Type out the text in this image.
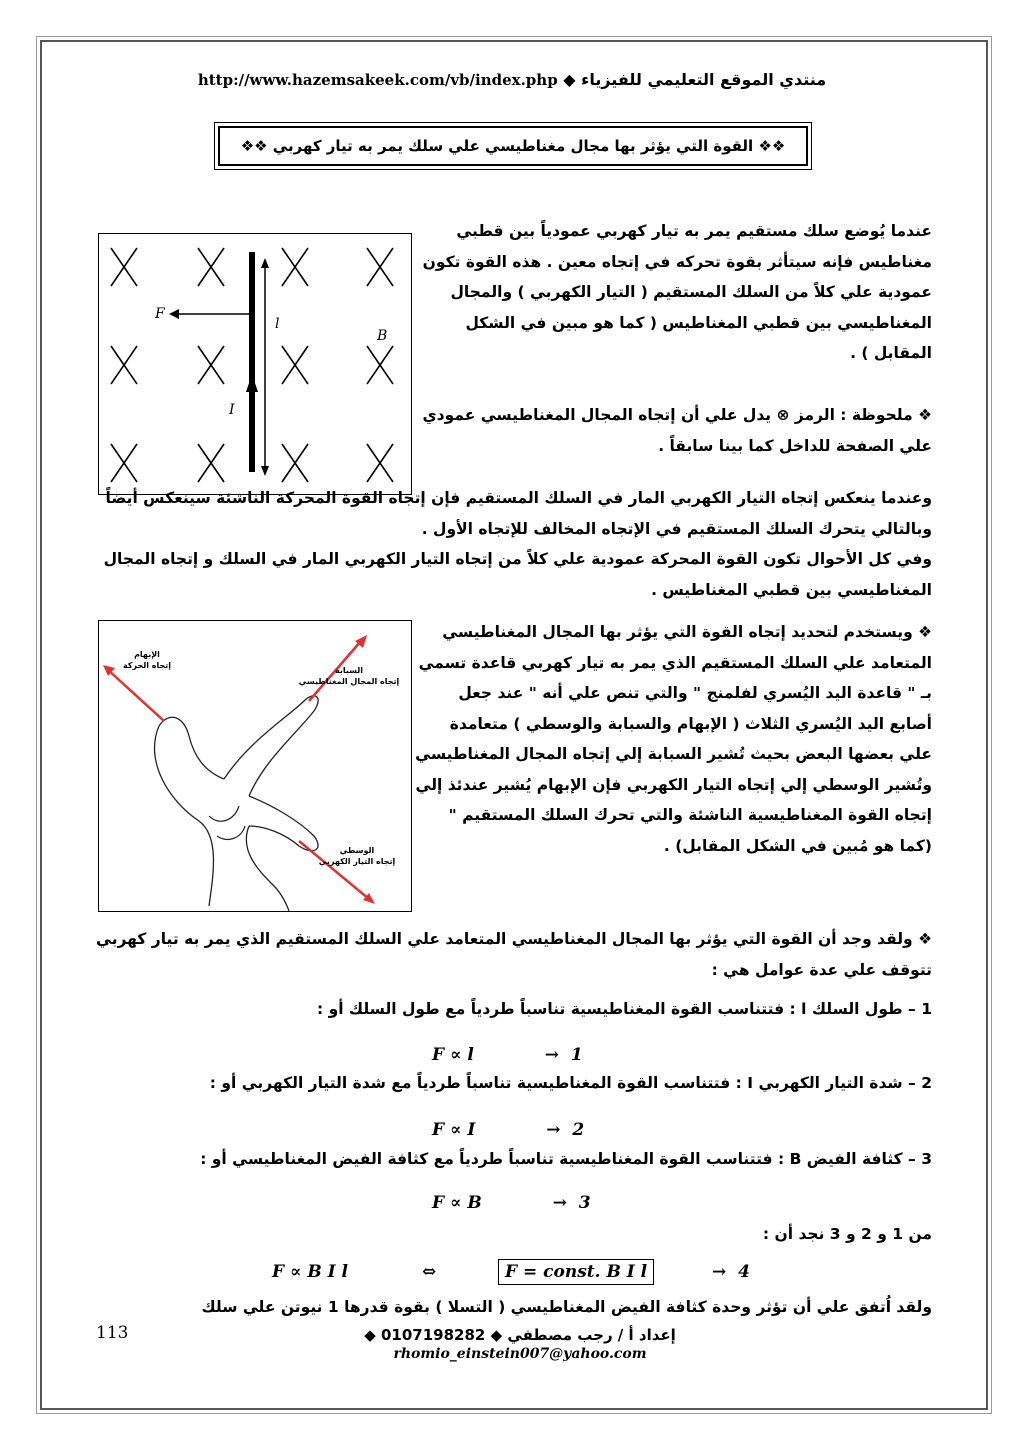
منتدي الموقع التعليمي للفيزياء ◆ http://www.hazemsakeek.com/vb/index.php
❖❖ القوة التي يؤثر بها مجال مغناطيسي علي سلك يمر به تيار كهربي ❖❖
F
l
B
I
عندما يُوضع سلك مستقيم يمر به تيار كهربي عمودياً بين قطبي مغناطيس فإنه سيتأثر بقوة تحركه في إتجاه معين . هذه القوة تكون عمودية علي كلاً من السلك المستقيم ( التيار الكهربي ) والمجال المغناطيسي بين قطبي المغناطيس ( كما هو مبين في الشكل المقابل ) .
❖ ملحوظة : الرمز ⊗ يدل علي أن إتجاه المجال المغناطيسي عمودي علي الصفحة للداخل كما بينا سابقاً .
وعندما ينعكس إتجاه التيار الكهربي المار في السلك المستقيم فإن إتجاه القوة المحركة الناشئة سينعكس أيضاً وبالتالي يتحرك السلك المستقيم في الإتجاه المخالف للإتجاه الأول .
وفي كل الأحوال تكون القوة المحركة عمودية علي كلاً من إتجاه التيار الكهربي المار في السلك و إتجاه المجال المغناطيسي بين قطبي المغناطيس .
الإبهام
إتجاه الحركة
السبابة
إتجاه المجال المغناطيسي
الوسطي
إتجاه التيار الكهربي
❖ ويستخدم لتحديد إتجاه القوة التي يؤثر بها المجال المغناطيسي المتعامد علي السلك المستقيم الذي يمر به تيار كهربي قاعدة تسمي بـ " قاعدة اليد اليُسري لفلمنج " والتي تنص علي أنه " عند جعل أصابع اليد اليُسري الثلاث ( الإبهام والسبابة والوسطي ) متعامدة علي بعضها البعض بحيث تُشير السبابة إلي إتجاه المجال المغناطيسي وتُشير الوسطي إلي إتجاه التيار الكهربي فإن الإبهام يُشير عندئذ إلي إتجاه القوة المغناطيسية الناشئة والتي تحرك السلك المستقيم " (كما هو مُبين في الشكل المقابل) .
❖ ولقد وجد أن القوة التي يؤثر بها المجال المغناطيسي المتعامد علي السلك المستقيم الذي يمر به تيار كهربي تتوقف علي عدة عوامل هي :
1 – طول السلك l : فتتناسب القوة المغناطيسية تناسباً طردياً مع طول السلك أو :
F ∝ l            →  1
2 – شدة التيار الكهربي I : فتتناسب القوة المغناطيسية تناسباً طردياً مع شدة التيار الكهربي أو :
F ∝ I            →  2
3 – كثافة الفيض B : فتتناسب القوة المغناطيسية تناسباً طردياً مع كثافة الفيض المغناطيسي أو :
F ∝ B            →  3
من 1 و 2 و 3 نجد أن :
F ∝ B I l	⇔	F = const. B I l	→  4
ولقد اُتفق علي أن تؤثر وحدة كثافة الفيض المغناطيسي ( التسلا ) بقوة قدرها 1 نيوتن علي سلك
113	إعداد أ / رجب مصطفي ◆ 0107198282 ◆ rhomio_einstein007@yahoo.com
